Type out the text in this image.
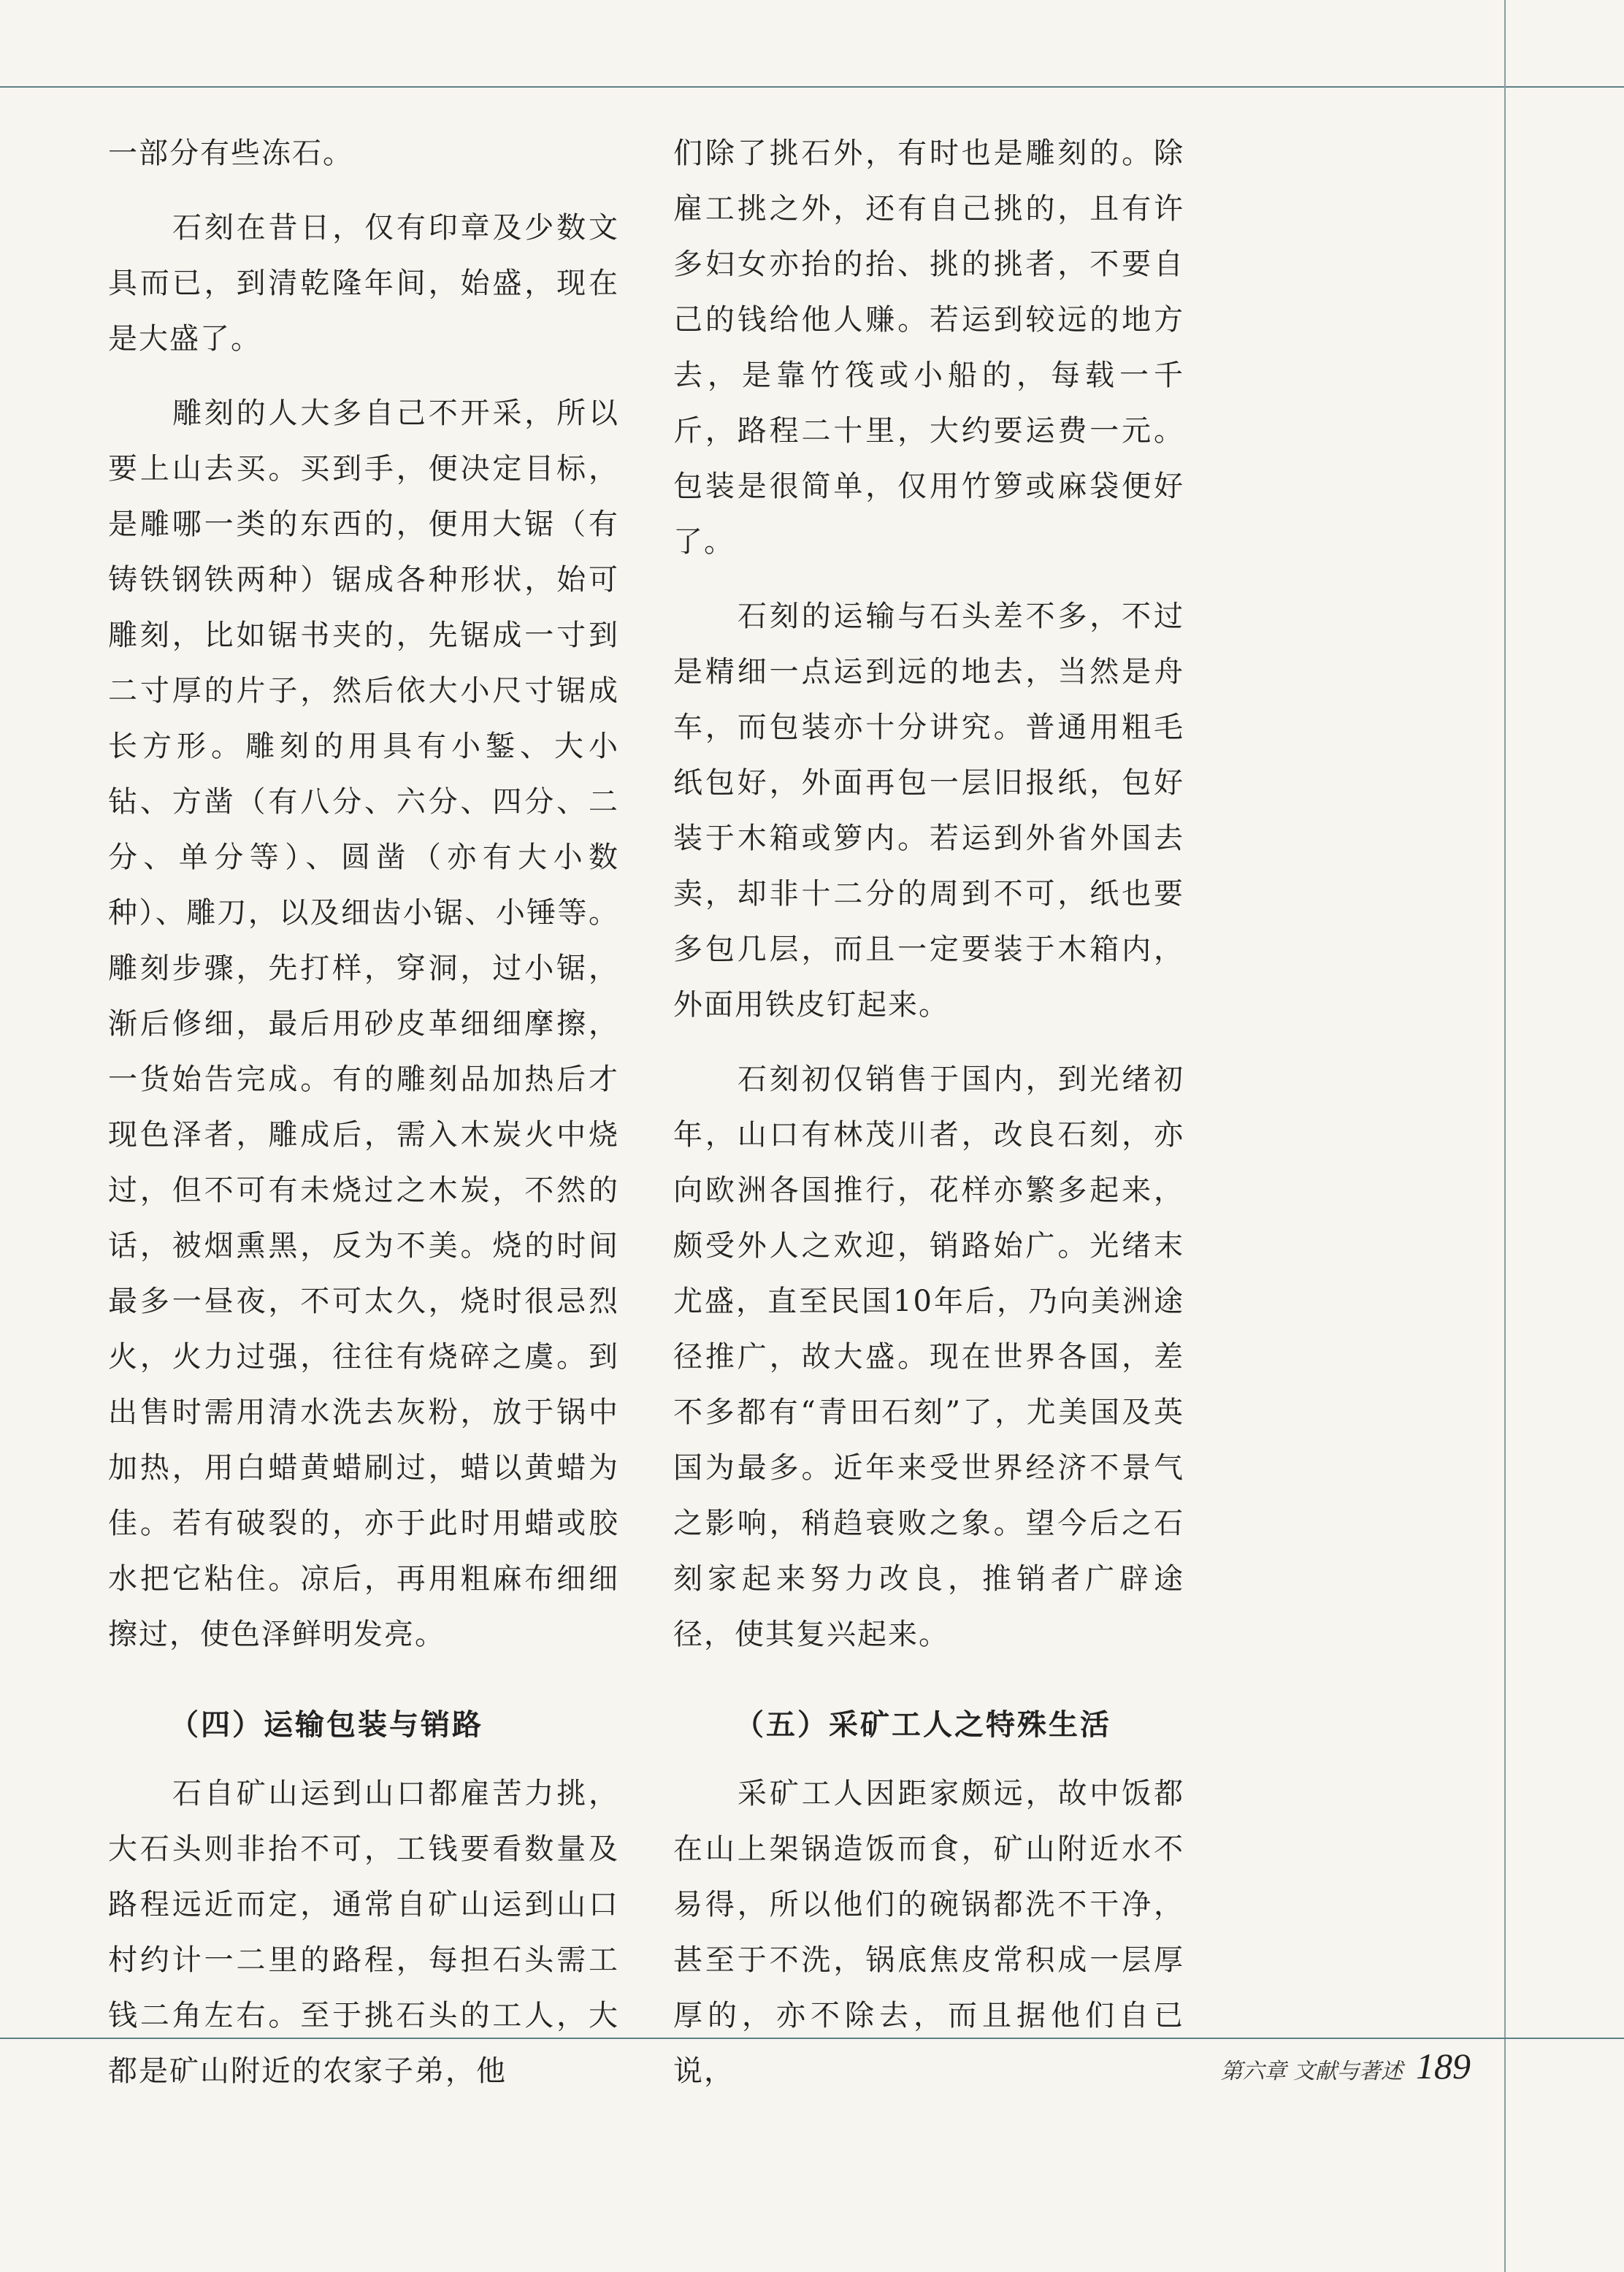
一部分有些冻石。

石刻在昔日，仅有印章及少数文具而已，到清乾隆年间，始盛，现在是大盛了。

雕刻的人大多自己不开采，所以要上山去买。买到手，便决定目标，是雕哪一类的东西的，便用大锯（有铸铁钢铁两种）锯成各种形状，始可雕刻，比如锯书夹的，先锯成一寸到二寸厚的片子，然后依大小尺寸锯成长方形。雕刻的用具有小錾、大小钻、方凿（有八分、六分、四分、二分、单分等）、圆凿（亦有大小数种）、雕刀，以及细齿小锯、小锤等。雕刻步骤，先打样，穿洞，过小锯，渐后修细，最后用砂皮革细细摩擦，一货始告完成。有的雕刻品加热后才现色泽者，雕成后，需入木炭火中烧过，但不可有未烧过之木炭，不然的话，被烟熏黑，反为不美。烧的时间最多一昼夜，不可太久，烧时很忌烈火，火力过强，往往有烧碎之虞。到出售时需用清水洗去灰粉，放于锅中加热，用白蜡黄蜡刷过，蜡以黄蜡为佳。若有破裂的，亦于此时用蜡或胶水把它粘住。凉后，再用粗麻布细细擦过，使色泽鲜明发亮。

（四）运输包装与销路

石自矿山运到山口都雇苦力挑，大石头则非抬不可，工钱要看数量及路程远近而定，通常自矿山运到山口村约计一二里的路程，每担石头需工钱二角左右。至于挑石头的工人，大都是矿山附近的农家子弟，他

们除了挑石外，有时也是雕刻的。除雇工挑之外，还有自己挑的，且有许多妇女亦抬的抬、挑的挑者，不要自己的钱给他人赚。若运到较远的地方去，是靠竹筏或小船的，每载一千斤，路程二十里，大约要运费一元。包装是很简单，仅用竹箩或麻袋便好了。

石刻的运输与石头差不多，不过是精细一点运到远的地去，当然是舟车，而包装亦十分讲究。普通用粗毛纸包好，外面再包一层旧报纸，包好装于木箱或箩内。若运到外省外国去卖，却非十二分的周到不可，纸也要多包几层，而且一定要装于木箱内，外面用铁皮钉起来。

石刻初仅销售于国内，到光绪初年，山口有林茂川者，改良石刻，亦向欧洲各国推行，花样亦繁多起来，颇受外人之欢迎，销路始广。光绪末尤盛，直至民国10年后，乃向美洲途径推广，故大盛。现在世界各国，差不多都有“青田石刻”了，尤美国及英国为最多。近年来受世界经济不景气之影响，稍趋衰败之象。望今后之石刻家起来努力改良，推销者广辟途径，使其复兴起来。

（五）采矿工人之特殊生活

采矿工人因距家颇远，故中饭都在山上架锅造饭而食，矿山附近水不易得，所以他们的碗锅都洗不干净，甚至于不洗，锅底焦皮常积成一层厚厚的，亦不除去，而且据他们自已说，	第六章 文献与著述 189
